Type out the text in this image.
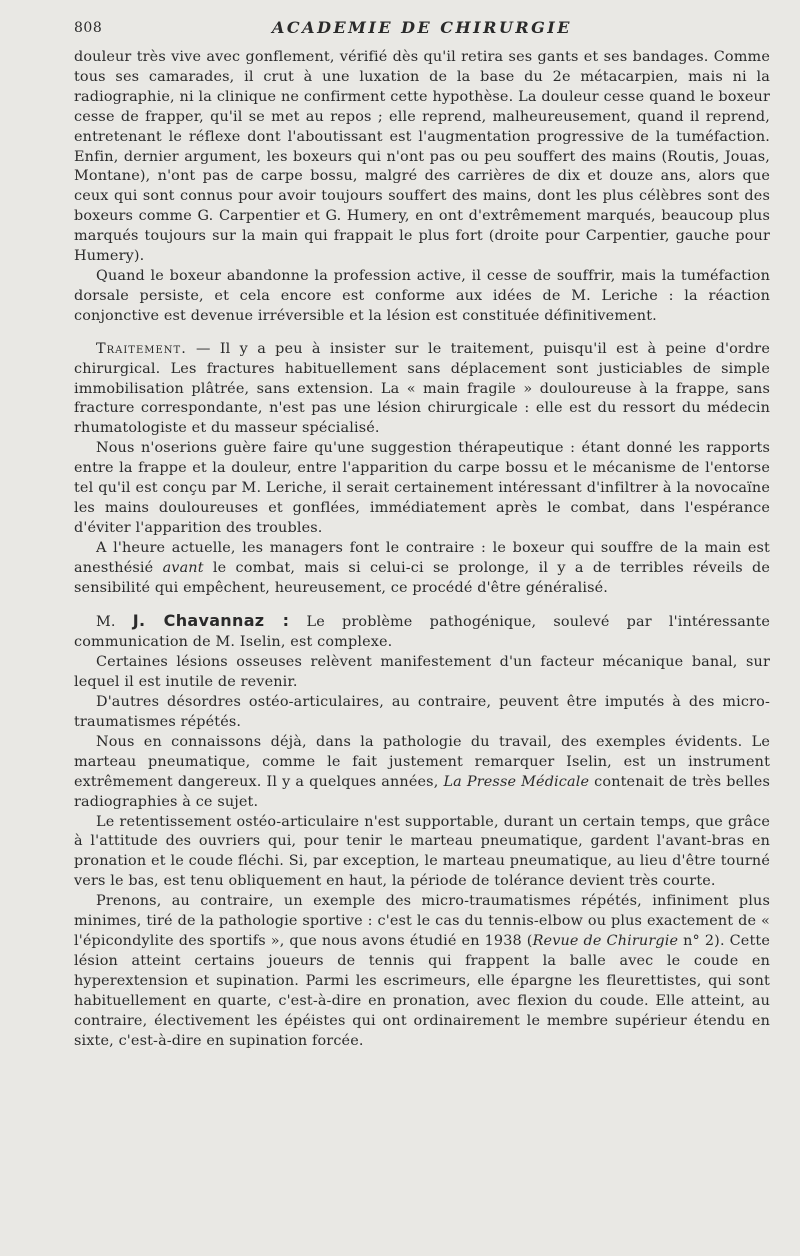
808	ACADEMIE DE CHIRURGIE

douleur très vive avec gonflement, vérifié dès qu'il retira ses gants et ses bandages. Comme tous ses camarades, il crut à une luxation de la base du 2e métacarpien, mais ni la radiographie, ni la clinique ne confirment cette hypothèse. La douleur cesse quand le boxeur cesse de frapper, qu'il se met au repos ; elle reprend, malheureusement, quand il reprend, entretenant le réflexe dont l'aboutissant est l'augmentation progressive de la tuméfaction. Enfin, dernier argument, les boxeurs qui n'ont pas ou peu souffert des mains (Routis, Jouas, Montane), n'ont pas de carpe bossu, malgré des carrières de dix et douze ans, alors que ceux qui sont connus pour avoir toujours souffert des mains, dont les plus célèbres sont des boxeurs comme G. Carpentier et G. Humery, en ont d'extrêmement marqués, beaucoup plus marqués toujours sur la main qui frappait le plus fort (droite pour Carpentier, gauche pour Humery).

Quand le boxeur abandonne la profession active, il cesse de souffrir, mais la tuméfaction dorsale persiste, et cela encore est conforme aux idées de M. Leriche : la réaction conjonctive est devenue irréversible et la lésion est constituée définitivement.

Traitement. — Il y a peu à insister sur le traitement, puisqu'il est à peine d'ordre chirurgical. Les fractures habituellement sans déplacement sont justiciables de simple immobilisation plâtrée, sans extension. La « main fragile » douloureuse à la frappe, sans fracture correspondante, n'est pas une lésion chirurgicale : elle est du ressort du médecin rhumatologiste et du masseur spécialisé.

Nous n'oserions guère faire qu'une suggestion thérapeutique : étant donné les rapports entre la frappe et la douleur, entre l'apparition du carpe bossu et le mécanisme de l'entorse tel qu'il est conçu par M. Leriche, il serait certainement intéressant d'infiltrer à la novocaïne les mains douloureuses et gonflées, immédiatement après le combat, dans l'espérance d'éviter l'apparition des troubles.

A l'heure actuelle, les managers font le contraire : le boxeur qui souffre de la main est anesthésié avant le combat, mais si celui-ci se prolonge, il y a de terribles réveils de sensibilité qui empêchent, heureusement, ce procédé d'être généralisé.

M. J. Chavannaz : Le problème pathogénique, soulevé par l'intéressante communication de M. Iselin, est complexe.

Certaines lésions osseuses relèvent manifestement d'un facteur mécanique banal, sur lequel il est inutile de revenir.

D'autres désordres ostéo-articulaires, au contraire, peuvent être imputés à des micro-traumatismes répétés.

Nous en connaissons déjà, dans la pathologie du travail, des exemples évidents. Le marteau pneumatique, comme le fait justement remarquer Iselin, est un instrument extrêmement dangereux. Il y a quelques années, La Presse Médicale contenait de très belles radiographies à ce sujet.

Le retentissement ostéo-articulaire n'est supportable, durant un certain temps, que grâce à l'attitude des ouvriers qui, pour tenir le marteau pneumatique, gardent l'avant-bras en pronation et le coude fléchi. Si, par exception, le marteau pneumatique, au lieu d'être tourné vers le bas, est tenu obliquement en haut, la période de tolérance devient très courte.

Prenons, au contraire, un exemple des micro-traumatismes répétés, infiniment plus minimes, tiré de la pathologie sportive : c'est le cas du tennis-elbow ou plus exactement de « l'épicondylite des sportifs », que nous avons étudié en 1938 (Revue de Chirurgie n° 2). Cette lésion atteint certains joueurs de tennis qui frappent la balle avec le coude en hyperextension et supination. Parmi les escrimeurs, elle épargne les fleurettistes, qui sont habituellement en quarte, c'est-à-dire en pronation, avec flexion du coude. Elle atteint, au contraire, électivement les épéistes qui ont ordinairement le membre supérieur étendu en sixte, c'est-à-dire en supination forcée.
